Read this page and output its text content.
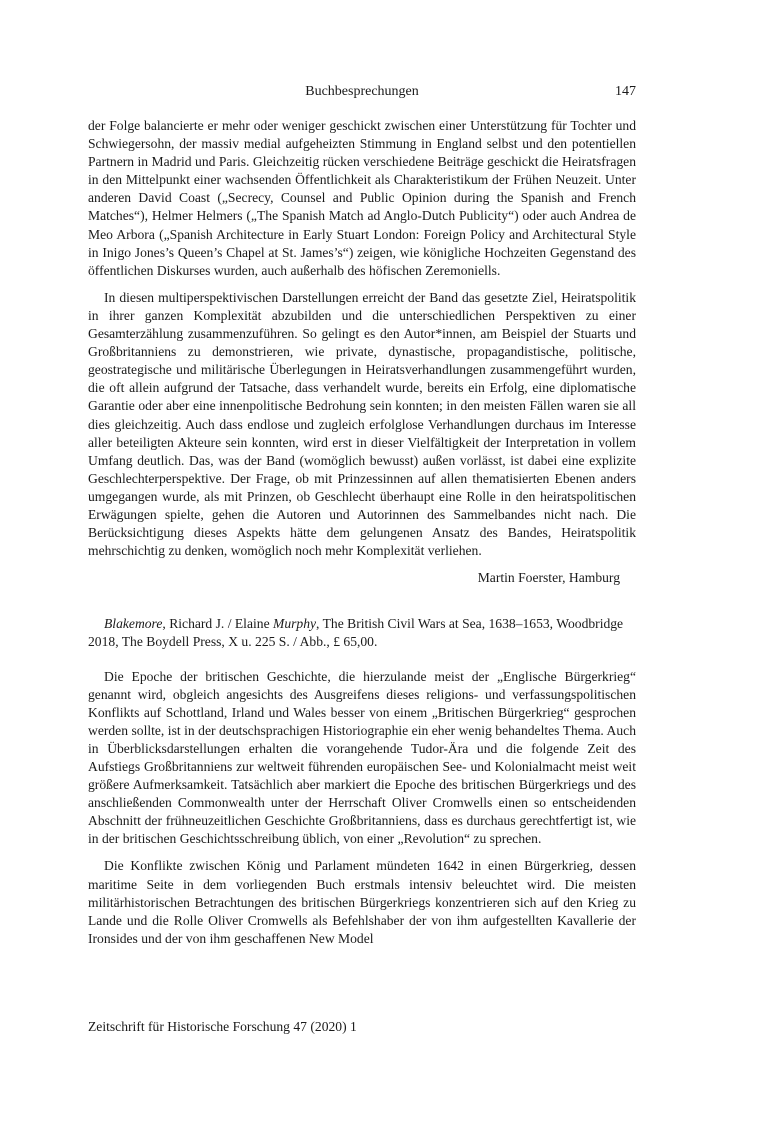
Buchbesprechungen	147

der Folge balancierte er mehr oder weniger geschickt zwischen einer Unterstützung für Tochter und Schwiegersohn, der massiv medial aufgeheizten Stimmung in England selbst und den potentiellen Partnern in Madrid und Paris. Gleichzeitig rücken verschiedene Beiträge geschickt die Heiratsfragen in den Mittelpunkt einer wachsenden Öffentlichkeit als Charakteristikum der Frühen Neuzeit. Unter anderen David Coast („Secrecy, Counsel and Public Opinion during the Spanish and French Matches“), Helmer Helmers („The Spanish Match ad Anglo-Dutch Publicity“) oder auch Andrea de Meo Arbora („Spanish Architecture in Early Stuart London: Foreign Policy and Architectural Style in Inigo Jones’s Queen’s Chapel at St. James’s“) zeigen, wie königliche Hochzeiten Gegenstand des öffentlichen Diskurses wurden, auch außerhalb des höfischen Zeremoniells.

In diesen multiperspektivischen Darstellungen erreicht der Band das gesetzte Ziel, Heiratspolitik in ihrer ganzen Komplexität abzubilden und die unterschiedlichen Perspektiven zu einer Gesamterzählung zusammenzuführen. So gelingt es den Autor*innen, am Beispiel der Stuarts und Großbritanniens zu demonstrieren, wie private, dynastische, propagandistische, politische, geostrategische und militärische Überlegungen in Heiratsverhandlungen zusammengeführt wurden, die oft allein aufgrund der Tatsache, dass verhandelt wurde, bereits ein Erfolg, eine diplomatische Garantie oder aber eine innenpolitische Bedrohung sein konnten; in den meisten Fällen waren sie all dies gleichzeitig. Auch dass endlose und zugleich erfolglose Verhandlungen durchaus im Interesse aller beteiligten Akteure sein konnten, wird erst in dieser Vielfältigkeit der Interpretation in vollem Umfang deutlich. Das, was der Band (womöglich bewusst) außen vorlässt, ist dabei eine explizite Geschlechterperspektive. Der Frage, ob mit Prinzessinnen auf allen thematisierten Ebenen anders umgegangen wurde, als mit Prinzen, ob Geschlecht überhaupt eine Rolle in den heiratspolitischen Erwägungen spielte, gehen die Autoren und Autorinnen des Sammelbandes nicht nach. Die Berücksichtigung dieses Aspekts hätte dem gelungenen Ansatz des Bandes, Heiratspolitik mehrschichtig zu denken, womöglich noch mehr Komplexität verliehen.

Martin Foerster, Hamburg

Blakemore, Richard J. / Elaine Murphy, The British Civil Wars at Sea, 1638–1653, Woodbridge 2018, The Boydell Press, X u. 225 S. / Abb., £ 65,00.

Die Epoche der britischen Geschichte, die hierzulande meist der „Englische Bürgerkrieg“ genannt wird, obgleich angesichts des Ausgreifens dieses religions- und verfassungspolitischen Konflikts auf Schottland, Irland und Wales besser von einem „Britischen Bürgerkrieg“ gesprochen werden sollte, ist in der deutschsprachigen Historiographie ein eher wenig behandeltes Thema. Auch in Überblicksdarstellungen erhalten die vorangehende Tudor-Ära und die folgende Zeit des Aufstiegs Großbritanniens zur weltweit führenden europäischen See- und Kolonialmacht meist weit größere Aufmerksamkeit. Tatsächlich aber markiert die Epoche des britischen Bürgerkriegs und des anschließenden Commonwealth unter der Herrschaft Oliver Cromwells einen so entscheidenden Abschnitt der frühneuzeitlichen Geschichte Großbritanniens, dass es durchaus gerechtfertigt ist, wie in der britischen Geschichtsschreibung üblich, von einer „Revolution“ zu sprechen.

Die Konflikte zwischen König und Parlament mündeten 1642 in einen Bürgerkrieg, dessen maritime Seite in dem vorliegenden Buch erstmals intensiv beleuchtet wird. Die meisten militärhistorischen Betrachtungen des britischen Bürgerkriegs konzentrieren sich auf den Krieg zu Lande und die Rolle Oliver Cromwells als Befehlshaber der von ihm aufgestellten Kavallerie der Ironsides und der von ihm geschaffenen New Model

Zeitschrift für Historische Forschung 47 (2020) 1
